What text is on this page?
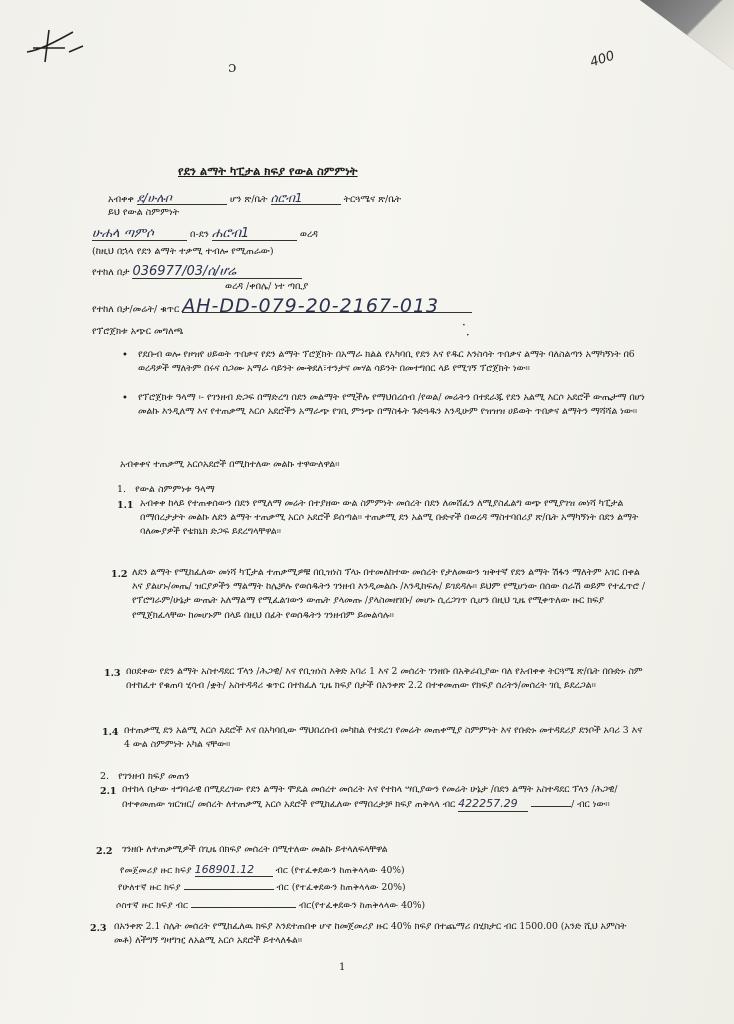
ɔ	400
የደን ልማት ካፒታል ክፍያ የውል ስምምነት
አብቀቀ ደ/ሁሉቦ	ሆን ጽ/ቤት ሰሮብ1	ትርጓሜና ጽ/ቤት
ይህ የውል ስምምነት
ሁሐላ ጣምሶ	በ-ደን ሐሮብ1	ወረዳ
(ከዚህ በኋላ የደን ልማት ተቃሚ ተብሎ የሚጠራው)
የተከለ በታ 036977/03/ሰ/ሆሬ
ወረዳ /ቀበሌ/ ነተ ጣቢያ
የተከለ በታ/መሬት/ ቁጥር AH-DD-079-20-2167-013
·
·
የፕሮጀክቱ አጭር መግለጫ
• የደቡብ ወሎ የዞዝየ ሀይወት ጥበቃና የደን ልማት ፕሮጀክት በአማራ ክልል የአካባቢ የደን እና የዱር እንስሳት ጥበቃና ልማት ባለስልጣን አማካኝነት በ6 ወረዳዎች ማለትም በሩና ሰጋሙ አማራ ሳይንት ሙቅደለ፣ተንታና መሃል ሳይንት በመተግበር ላይ የሚገኝ ፕሮጀክት ነው።
• የፕሮጀክቱ ዓላማ ፡- የገንዘብ ድጋፍ በማድረግ በደን መልማት የሚችሉ የማህበረሰብ /የወል/ መሬትን በተደራጁ የደን አልሚ እርሶ አደሮች ውጤታማ በሆነ መልኩ እንዲለማ እና የተጠቃሚ እርሶ አደሮችን አማራጭ የገቢ ምንጭ በማስፋት ጉድጓዱን እንዲሁም የዝዝዝ ሀይወት ጥበቃና ልማትን ማሻሻል ነው።
አብቀቀና ተጠቃሚ አርሶአደሮች በሚከተለው መልኩ ተዋውለዋል።
1. የውል ስምምነቱ ዓላማ
1.1 አብቀቀ ከላይ የተጠቀሰውን በደን የሚለማ መሬት በተያዘው ውል ስምምነት መሰረት በደን ለመሸፈን ለሚያስፈልግ ወጭ የሚያገዝ መነሻ ካፒታል በማበረታታት መልኩ ለደን ልማት ተጠቃሚ አርሶ አደሮች ይሰጣል። ተጠቃሚ ደን አልሚ ቡድኖች በወረዳ ማስተባበሪያ ጽ/ቤት አማካኝነት በደን ልማት ባለሙያዎች የቴክኒክ ድጋፍ ይደረግላቸዋል።
1.2 ለደን ልማት የሚከፈለው መነሻ ካፒታል ተጠቃሚዎቹ በቢዝነስ ፕላኑ በተመለከተው መሰረት የታለመውን ዝቅተኛ የደን ልማት ሽፋን ማለትም አገር በቀል እና ያልሆኑ/መጤ/ ዝርያዎችን ማልማት ከሌቻሉ የወሰዱትን ገንዘብ እንዲመልሱ /እንዲከፍሉ/ ይገደዳሉ። ይህም የሚሆነው በሰው ሰራሽ ወይም የተፈጥሮ /የፕሮግራም/ሁኔታ ውጤት አለማልማ የሚፈልገውን ውጤት ያላመጡ /ያላስመዘገቡ/ መሆኑ ሲረጋገጥ ሲሆን በዚህ ጊዜ የሚቀጥለው ዙር ክፍያ የሚጀክፈላቸው ከመሆኑም በላይ በዚህ በፊት የወሰዱትን ገንዘብም ይመልሳሉ።
1.3 በዐደቀው የደን ልማት አስተዳደር ፕላን /ሕጋዊ/ እና የቢዝነስ እቅድ አባሪ 1 እና 2 መሰረት ገንዘቡ በአቅራቢያው ባለ የአብቀቀ ትርጓሜ ጽ/ቤት በቡድኑ ስም በተከፈተ የቁጠባ ሂሳብ /ቋት/ አስተዳዳሪ ቁጥር በተከፈለ ጊዜ ክፍያ በታች በአንቀጽ 2.2 በተቀመጠው የክፍያ ሰሪትን/መሰረት ገቢ ይደረጋል።
1.4 በተጠቃሚ ደን አልሚ እርሶ አደሮች እና በአካባቢው ማህበረሰብ መካከል የተደረገ የመሬት መጠቀሚያ ስምምነት እና የቡድኑ መተዳደሪያ ደንቦች አባሪ 3 እና 4 ውል ስምምነት አካል ናቸው።
2. የገንዘብ ክፍያ መጠን
2.1 በተከላ በታው ተግባራዊ በሚደረገው የደን ልማት ሞዴል መሰረተ መሰረት እና የተከላ ሣቢያውን የመሬት ሁኔታ /በደን ልማት አስተዳደር ፕላን /ሕጋዊ/ በተቀመጠው ዝርዝር/ መሰረት ለተጠቃሚ አርሶ አደሮች የሚከፈለው የማበረታቻ ክፍያ ጠቅላላ ብር 422257.29	/ ብር ነው።
2.2 ገንዘቡ ለተጠቃሚዎች በጊዜ በክፍያ መሰረት በሚተለው መልኩ ይተላለፍላቸዋል
የመጀመሪያ ዙር ክፍያ 168901.12 ብር (የተፈቀደውን ከጠቅላላው 40%)
የሁለተኛ ዙር ክፍያ	ብር (የተፈቀደውን ከጠቅላላው 20%)
ሶስተኛ ዙር ክፍያ ብር	ብር(የተፈቀደውን ከጠቅላላው 40%)
2.3 በአንቀጽ 2.1 ስሌት መሰረት የሚከፈለዉ ክፍያ እንደተጠበቀ ሆኖ ከመጀመሪያ ዙር 40% ክፍያ በተጨማሪ በሂክታር ብር 1500.00 (አንድ ሺህ አምስት መቶ) ለችግኝ ግዛግዢ ለአልሚ አርሶ አደሮች ይተላለፋል።
1
